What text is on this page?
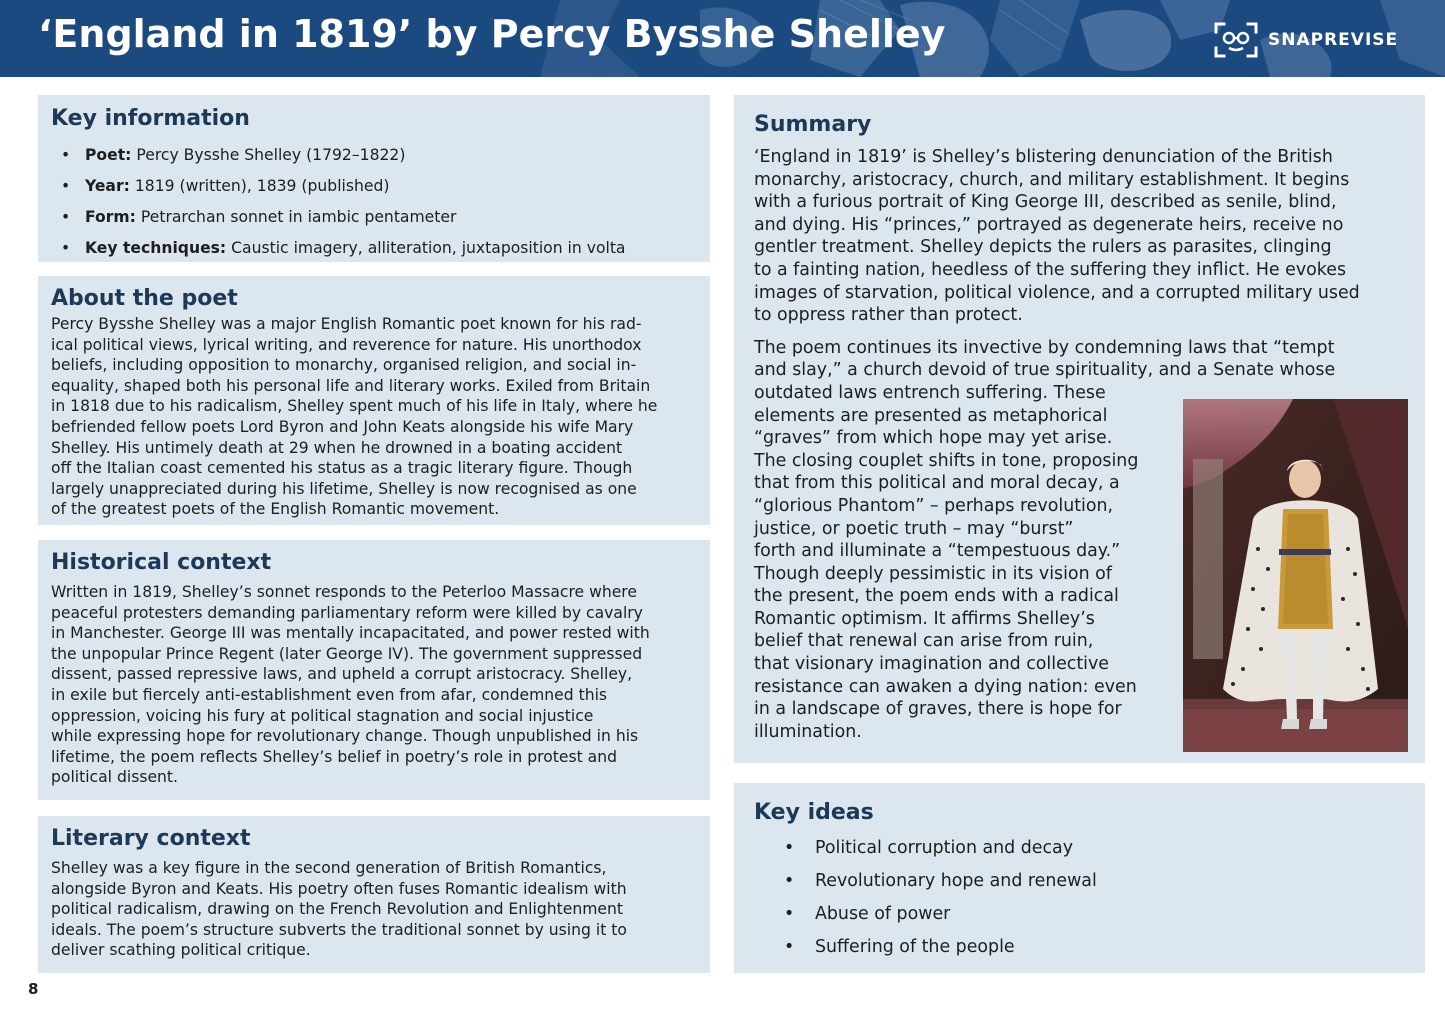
‘England in 1819’ by Percy Bysshe Shelley	SNAPREVISE
Key information
• Poet: Percy Bysshe Shelley (1792–1822)
• Year: 1819 (written), 1839 (published)
• Form: Petrarchan sonnet in iambic pentameter
• Key techniques: Caustic imagery, alliteration, juxtaposition in volta
About the poet

Percy Bysshe Shelley was a major English Romantic poet known for his rad-
ical political views, lyrical writing, and reverence for nature. His unorthodox
beliefs, including opposition to monarchy, organised religion, and social in-
equality, shaped both his personal life and literary works. Exiled from Britain
in 1818 due to his radicalism, Shelley spent much of his life in Italy, where he
befriended fellow poets Lord Byron and John Keats alongside his wife Mary
Shelley. His untimely death at 29 when he drowned in a boating accident
off the Italian coast cemented his status as a tragic literary figure. Though
largely unappreciated during his lifetime, Shelley is now recognised as one
of the greatest poets of the English Romantic movement.

Historical context

Written in 1819, Shelley’s sonnet responds to the Peterloo Massacre where
peaceful protesters demanding parliamentary reform were killed by cavalry
in Manchester. George III was mentally incapacitated, and power rested with
the unpopular Prince Regent (later George IV). The government suppressed
dissent, passed repressive laws, and upheld a corrupt aristocracy. Shelley,
in exile but fiercely anti-establishment even from afar, condemned this
oppression, voicing his fury at political stagnation and social injustice
while expressing hope for revolutionary change. Though unpublished in his
lifetime, the poem reflects Shelley’s belief in poetry’s role in protest and
political dissent.

Literary context

Shelley was a key figure in the second generation of British Romantics,
alongside Byron and Keats. His poetry often fuses Romantic idealism with
political radicalism, drawing on the French Revolution and Enlightenment
ideals. The poem’s structure subverts the traditional sonnet by using it to
deliver scathing political critique.

Summary

‘England in 1819’ is Shelley’s blistering denunciation of the British
monarchy, aristocracy, church, and military establishment. It begins
with a furious portrait of King George III, described as senile, blind,
and dying. His “princes,” portrayed as degenerate heirs, receive no
gentler treatment. Shelley depicts the rulers as parasites, clinging
to a fainting nation, heedless of the suffering they inflict. He evokes
images of starvation, political violence, and a corrupted military used
to oppress rather than protect.

The poem continues its invective by condemning laws that “tempt
and slay,” a church devoid of true spirituality, and a Senate whose
outdated laws entrench suffering. These
elements are presented as metaphorical
“graves” from which hope may yet arise.
The closing couplet shifts in tone, proposing
that from this political and moral decay, a
“glorious Phantom” – perhaps revolution,
justice, or poetic truth – may “burst”
forth and illuminate a “tempestuous day.”
Though deeply pessimistic in its vision of
the present, the poem ends with a radical
Romantic optimism. It affirms Shelley’s
belief that renewal can arise from ruin,
that visionary imagination and collective
resistance can awaken a dying nation: even
in a landscape of graves, there is hope for
illumination.

Key ideas
• Political corruption and decay
• Revolutionary hope and renewal
• Abuse of power
• Suffering of the people
8
